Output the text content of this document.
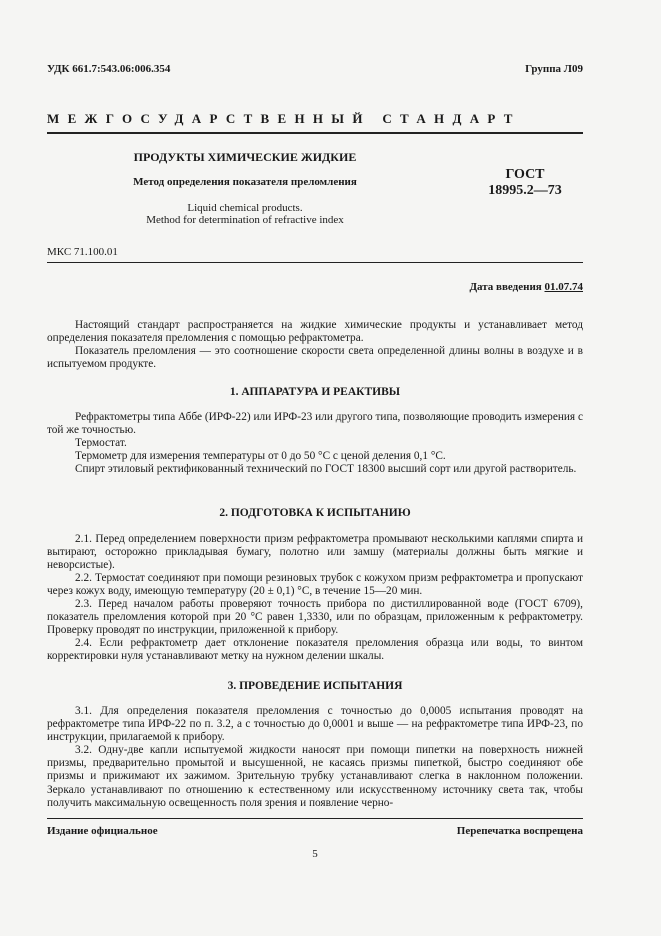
УДК 661.7:543.06:006.354	Группа Л09
МЕЖГОСУДАРСТВЕННЫЙ СТАНДАРТ
ПРОДУКТЫ ХИМИЧЕСКИЕ ЖИДКИЕ
Метод определения показателя преломления
Liquid chemical products.
Method for determination of refractive index
ГОСТ
18995.2—73
МКС 71.100.01
Дата введения 01.07.74
Настоящий стандарт распространяется на жидкие химические продукты и устанавливает метод определения показателя преломления с помощью рефрактометра.
Показатель преломления — это соотношение скорости света определенной длины волны в воздухе и в испытуемом продукте.
1. АППАРАТУРА И РЕАКТИВЫ
Рефрактометры типа Аббе (ИРФ-22) или ИРФ-23 или другого типа, позволяющие проводить измерения с той же точностью.
Термостат.
Термометр для измерения температуры от 0 до 50 °С с ценой деления 0,1 °С.
Спирт этиловый ректификованный технический по ГОСТ 18300 высший сорт или другой растворитель.
2. ПОДГОТОВКА К ИСПЫТАНИЮ
2.1. Перед определением поверхности призм рефрактометра промывают несколькими каплями спирта и вытирают, осторожно прикладывая бумагу, полотно или замшу (материалы должны быть мягкие и неворсистые).
2.2. Термостат соединяют при помощи резиновых трубок с кожухом призм рефрактометра и пропускают через кожух воду, имеющую температуру (20 ± 0,1) °С, в течение 15—20 мин.
2.3. Перед началом работы проверяют точность прибора по дистиллированной воде (ГОСТ 6709), показатель преломления которой при 20 °С равен 1,3330, или по образцам, приложенным к рефрактометру. Проверку проводят по инструкции, приложенной к прибору.
2.4. Если рефрактометр дает отклонение показателя преломления образца или воды, то винтом корректировки нуля устанавливают метку на нужном делении шкалы.
3. ПРОВЕДЕНИЕ ИСПЫТАНИЯ
3.1. Для определения показателя преломления с точностью до 0,0005 испытания проводят на рефрактометре типа ИРФ-22 по п. 3.2, а с точностью до 0,0001 и выше — на рефрактометре типа ИРФ-23, по инструкции, прилагаемой к прибору.
3.2. Одну-две капли испытуемой жидкости наносят при помощи пипетки на поверхность нижней призмы, предварительно промытой и высушенной, не касаясь призмы пипеткой, быстро соединяют обе призмы и прижимают их зажимом. Зрительную трубку устанавливают слегка в наклонном положении. Зеркало устанавливают по отношению к естественному или искусственному источнику света так, чтобы получить максимальную освещенность поля зрения и появление черно-
Издание официальное	Перепечатка воспрещена
5
